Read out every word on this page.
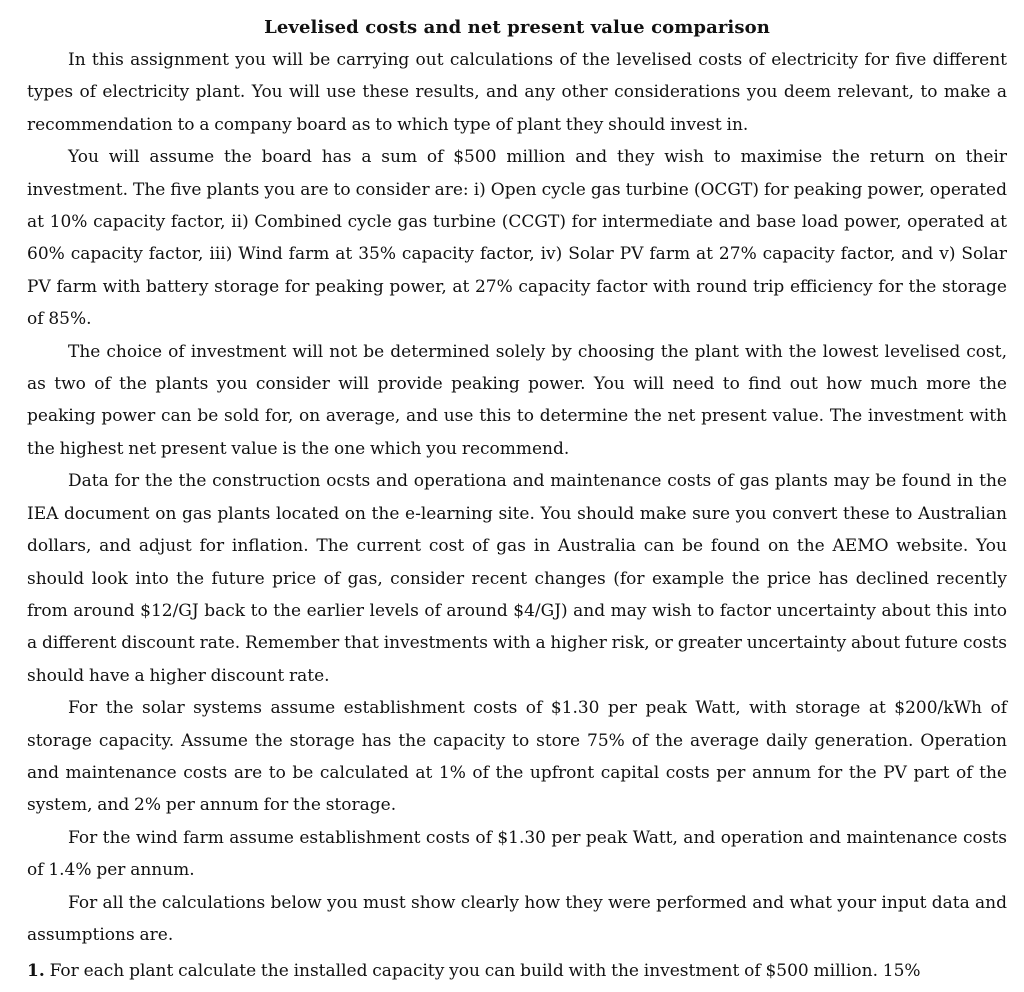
Levelised costs and net present value comparison

In this assignment you will be carrying out calculations of the levelised costs of electricity for five different types of electricity plant. You will use these results, and any other considerations you deem relevant, to make a recommendation to a company board as to which type of plant they should invest in.

You will assume the board has a sum of $500 million and they wish to maximise the return on their investment. The five plants you are to consider are: i) Open cycle gas turbine (OCGT) for peaking power, operated at 10% capacity factor, ii) Combined cycle gas turbine (CCGT) for intermediate and base load power, operated at 60% capacity factor, iii) Wind farm at 35% capacity factor, iv) Solar PV farm at 27% capacity factor, and v) Solar PV farm with battery storage for peaking power, at 27% capacity factor with round trip efficiency for the storage of 85%.

The choice of investment will not be determined solely by choosing the plant with the lowest levelised cost, as two of the plants you consider will provide peaking power. You will need to find out how much more the peaking power can be sold for, on average, and use this to determine the net present value. The investment with the highest net present value is the one which you recommend.

Data for the the construction ocsts and operationa and maintenance costs of gas plants may be found in the IEA document on gas plants located on the e-learning site. You should make sure you convert these to Australian dollars, and adjust for inflation. The current cost of gas in Australia can be found on the AEMO website. You should look into the future price of gas, consider recent changes (for example the price has declined recently from around $12/GJ back to the earlier levels of around $4/GJ) and may wish to factor uncertainty about this into a different discount rate. Remember that investments with a higher risk, or greater uncertainty about future costs should have a higher discount rate.

For the solar systems assume establishment costs of $1.30 per peak Watt, with storage at $200/kWh of storage capacity. Assume the storage has the capacity to store 75% of the average daily generation. Operation and maintenance costs are to be calculated at 1% of the upfront capital costs per annum for the PV part of the system, and 2% per annum for the storage.

For the wind farm assume establishment costs of $1.30 per peak Watt, and operation and maintenance costs of 1.4% per annum.

For all the calculations below you must show clearly how they were performed and what your input data and assumptions are.

1. For each plant calculate the installed capacity you can build with the investment of $500 million. 15%
